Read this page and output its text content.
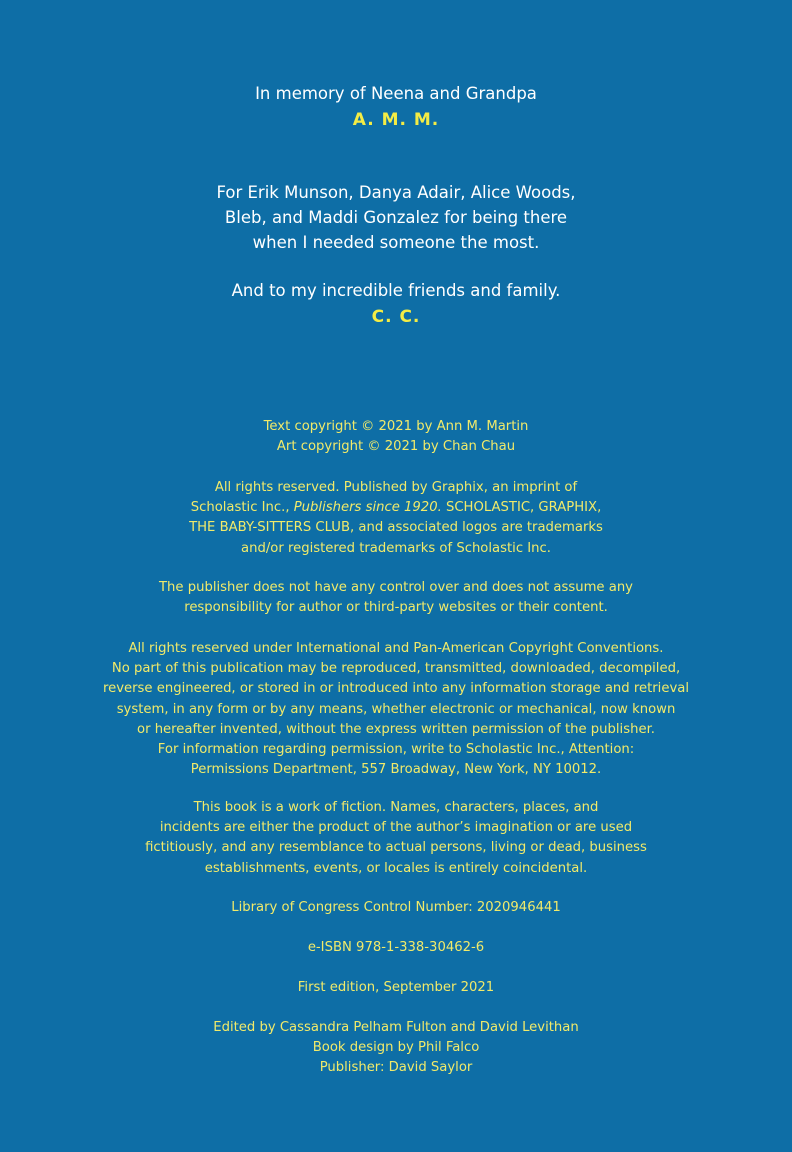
In memory of Neena and Grandpa
A. M. M.
For Erik Munson, Danya Adair, Alice Woods,
Bleb, and Maddi Gonzalez for being there
when I needed someone the most.
And to my incredible friends and family.
C. C.
Text copyright © 2021 by Ann M. Martin
Art copyright © 2021 by Chan Chau
All rights reserved. Published by Graphix, an imprint of
Scholastic Inc., Publishers since 1920. SCHOLASTIC, GRAPHIX,
THE BABY-SITTERS CLUB, and associated logos are trademarks
and/or registered trademarks of Scholastic Inc.
The publisher does not have any control over and does not assume any
responsibility for author or third-party websites or their content.
All rights reserved under International and Pan-American Copyright Conventions.
No part of this publication may be reproduced, transmitted, downloaded, decompiled,
reverse engineered, or stored in or introduced into any information storage and retrieval
system, in any form or by any means, whether electronic or mechanical, now known
or hereafter invented, without the express written permission of the publisher.
For information regarding permission, write to Scholastic Inc., Attention:
Permissions Department, 557 Broadway, New York, NY 10012.
This book is a work of fiction. Names, characters, places, and
incidents are either the product of the author’s imagination or are used
fictitiously, and any resemblance to actual persons, living or dead, business
establishments, events, or locales is entirely coincidental.
Library of Congress Control Number: 2020946441
e-ISBN 978-1-338-30462-6
First edition, September 2021
Edited by Cassandra Pelham Fulton and David Levithan
Book design by Phil Falco
Publisher: David Saylor
